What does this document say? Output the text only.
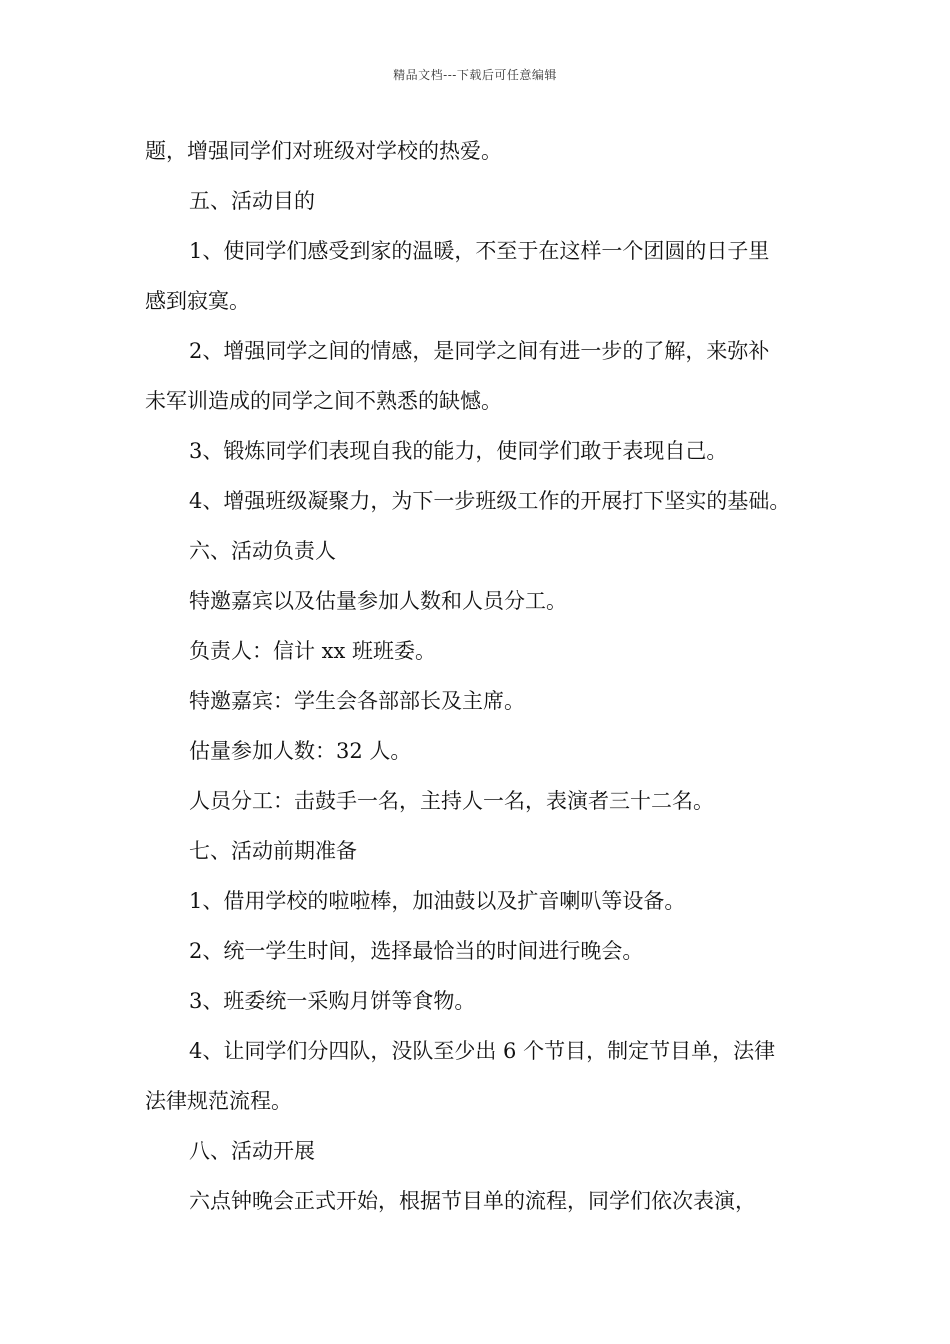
精品文档---下载后可任意编辑
题，增强同学们对班级对学校的热爱。
五、活动目的
1、使同学们感受到家的温暖，不至于在这样一个团圆的日子里
感到寂寞。
2、增强同学之间的情感，是同学之间有进一步的了解，来弥补
未军训造成的同学之间不熟悉的缺憾。
3、锻炼同学们表现自我的能力，使同学们敢于表现自己。
4、增强班级凝聚力，为下一步班级工作的开展打下坚实的基础。
六、活动负责人
特邀嘉宾以及估量参加人数和人员分工。
负责人：信计 xx 班班委。
特邀嘉宾：学生会各部部长及主席。
估量参加人数：32 人。
人员分工：击鼓手一名，主持人一名，表演者三十二名。
七、活动前期准备
1、借用学校的啦啦棒，加油鼓以及扩音喇叭等设备。
2、统一学生时间，选择最恰当的时间进行晚会。
3、班委统一采购月饼等食物。
4、让同学们分四队，没队至少出 6 个节目，制定节目单，法律
法律规范流程。
八、活动开展
六点钟晚会正式开始，根据节目单的流程，同学们依次表演，
